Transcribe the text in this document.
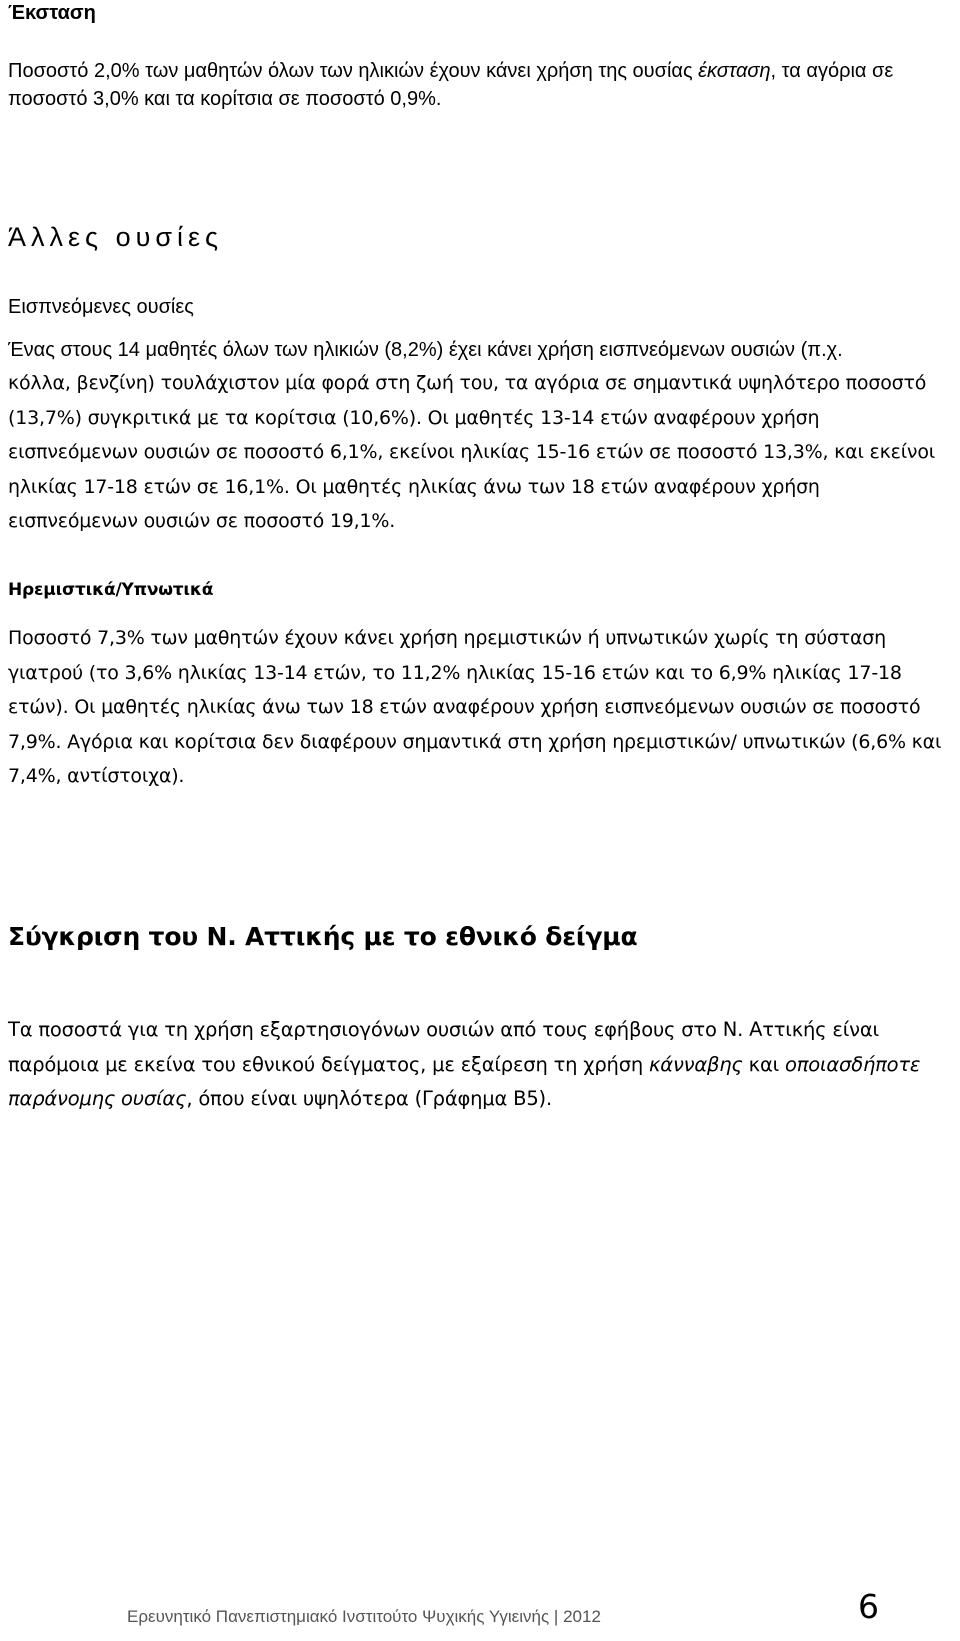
Έκσταση

Ποσοστό 2,0% των μαθητών όλων των ηλικιών έχουν κάνει χρήση της ουσίας έκσταση, τα αγόρια σε ποσοστό 3,0% και τα κορίτσια σε ποσοστό 0,9%.

Άλλες ουσίες
Εισπνεόμενες ουσίες

Ένας στους 14 μαθητές όλων των ηλικιών (8,2%) έχει κάνει χρήση εισπνεόμενων ουσιών (π.χ.

κόλλα, βενζίνη) τουλάχιστον μία φορά στη ζωή του, τα αγόρια σε σημαντικά υψηλότερο ποσοστό (13,7%) συγκριτικά με τα κορίτσια (10,6%). Οι μαθητές 13-14 ετών αναφέρουν χρήση εισπνεόμενων ουσιών σε ποσοστό 6,1%, εκείνοι ηλικίας 15-16 ετών σε ποσοστό 13,3%, και εκείνοι ηλικίας 17-18 ετών σε 16,1%. Οι μαθητές ηλικίας άνω των 18 ετών αναφέρουν χρήση εισπνεόμενων ουσιών σε ποσοστό 19,1%.

Ηρεμιστικά/Υπνωτικά

Ποσοστό 7,3% των μαθητών έχουν κάνει χρήση ηρεμιστικών ή υπνωτικών χωρίς τη σύσταση γιατρού (το 3,6% ηλικίας 13-14 ετών, το 11,2% ηλικίας 15-16 ετών και το 6,9% ηλικίας 17-18 ετών). Οι μαθητές ηλικίας άνω των 18 ετών αναφέρουν χρήση εισπνεόμενων ουσιών σε ποσοστό 7,9%. Αγόρια και κορίτσια δεν διαφέρουν σημαντικά στη χρήση ηρεμιστικών/ υπνωτικών (6,6% και 7,4%, αντίστοιχα).

Σύγκριση του Ν. Αττικής με το εθνικό δείγμα

Τα ποσοστά για τη χρήση εξαρτησιογόνων ουσιών από τους εφήβους στο Ν. Αττικής είναι παρόμοια με εκείνα του εθνικού δείγματος, με εξαίρεση τη χρήση κάνναβης και οποιασδήποτε παράνομης ουσίας, όπου είναι υψηλότερα (Γράφημα Β5).

Ερευνητικό Πανεπιστημιακό Ινστιτούτο Ψυχικής Υγιεινής | 2012	6
